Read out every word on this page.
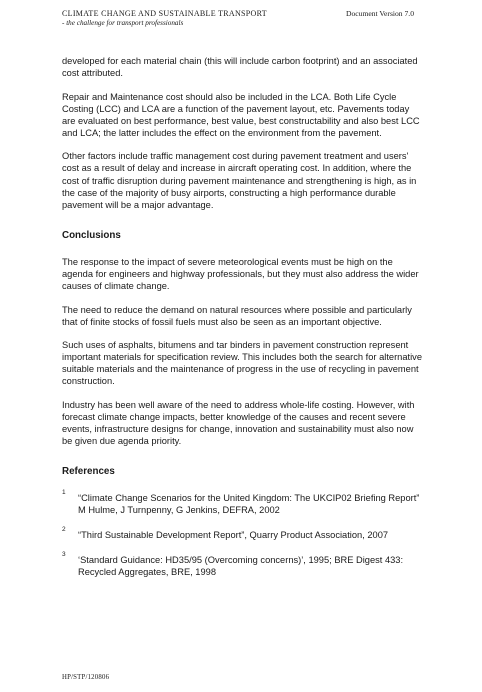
CLIMATE CHANGE AND SUSTAINABLE TRANSPORT
- the challenge for transport professionals
Document Version 7.0

developed for each material chain (this will include carbon footprint) and an associated cost attributed.

Repair and Maintenance cost should also be included in the LCA. Both Life Cycle Costing (LCC) and LCA are a function of the pavement layout, etc. Pavements today are evaluated on best performance, best value, best constructability and also best LCC and LCA; the latter includes the effect on the environment from the pavement.

Other factors include traffic management cost during pavement treatment and users' cost as a result of delay and increase in aircraft operating cost. In addition, where the cost of traffic disruption during pavement maintenance and strengthening is high, as in the case of the majority of busy airports, constructing a high performance durable pavement will be a major advantage.

Conclusions

The response to the impact of severe meteorological events must be high on the agenda for engineers and highway professionals, but they must also address the wider causes of climate change.

The need to reduce the demand on natural resources where possible and particularly that of finite stocks of fossil fuels must also be seen as an important objective.

Such uses of asphalts, bitumens and tar binders in pavement construction represent important materials for specification review. This includes both the search for alternative suitable materials and the maintenance of progress in the use of recycling in pavement construction.

Industry has been well aware of the need to address whole-life costing. However, with forecast climate change impacts, better knowledge of the causes and recent severe events, infrastructure designs for change, innovation and sustainability must also now be given due agenda priority.

References
1
“Climate Change Scenarios for the United Kingdom: The UKCIP02 Briefing Report” M Hulme, J Turnpenny, G Jenkins, DEFRA, 2002
2
“Third Sustainable Development Report”, Quarry Product Association, 2007
3
‘Standard Guidance: HD35/95 (Overcoming concerns)’, 1995; BRE Digest 433: Recycled Aggregates, BRE, 1998
HP/STP/120806
